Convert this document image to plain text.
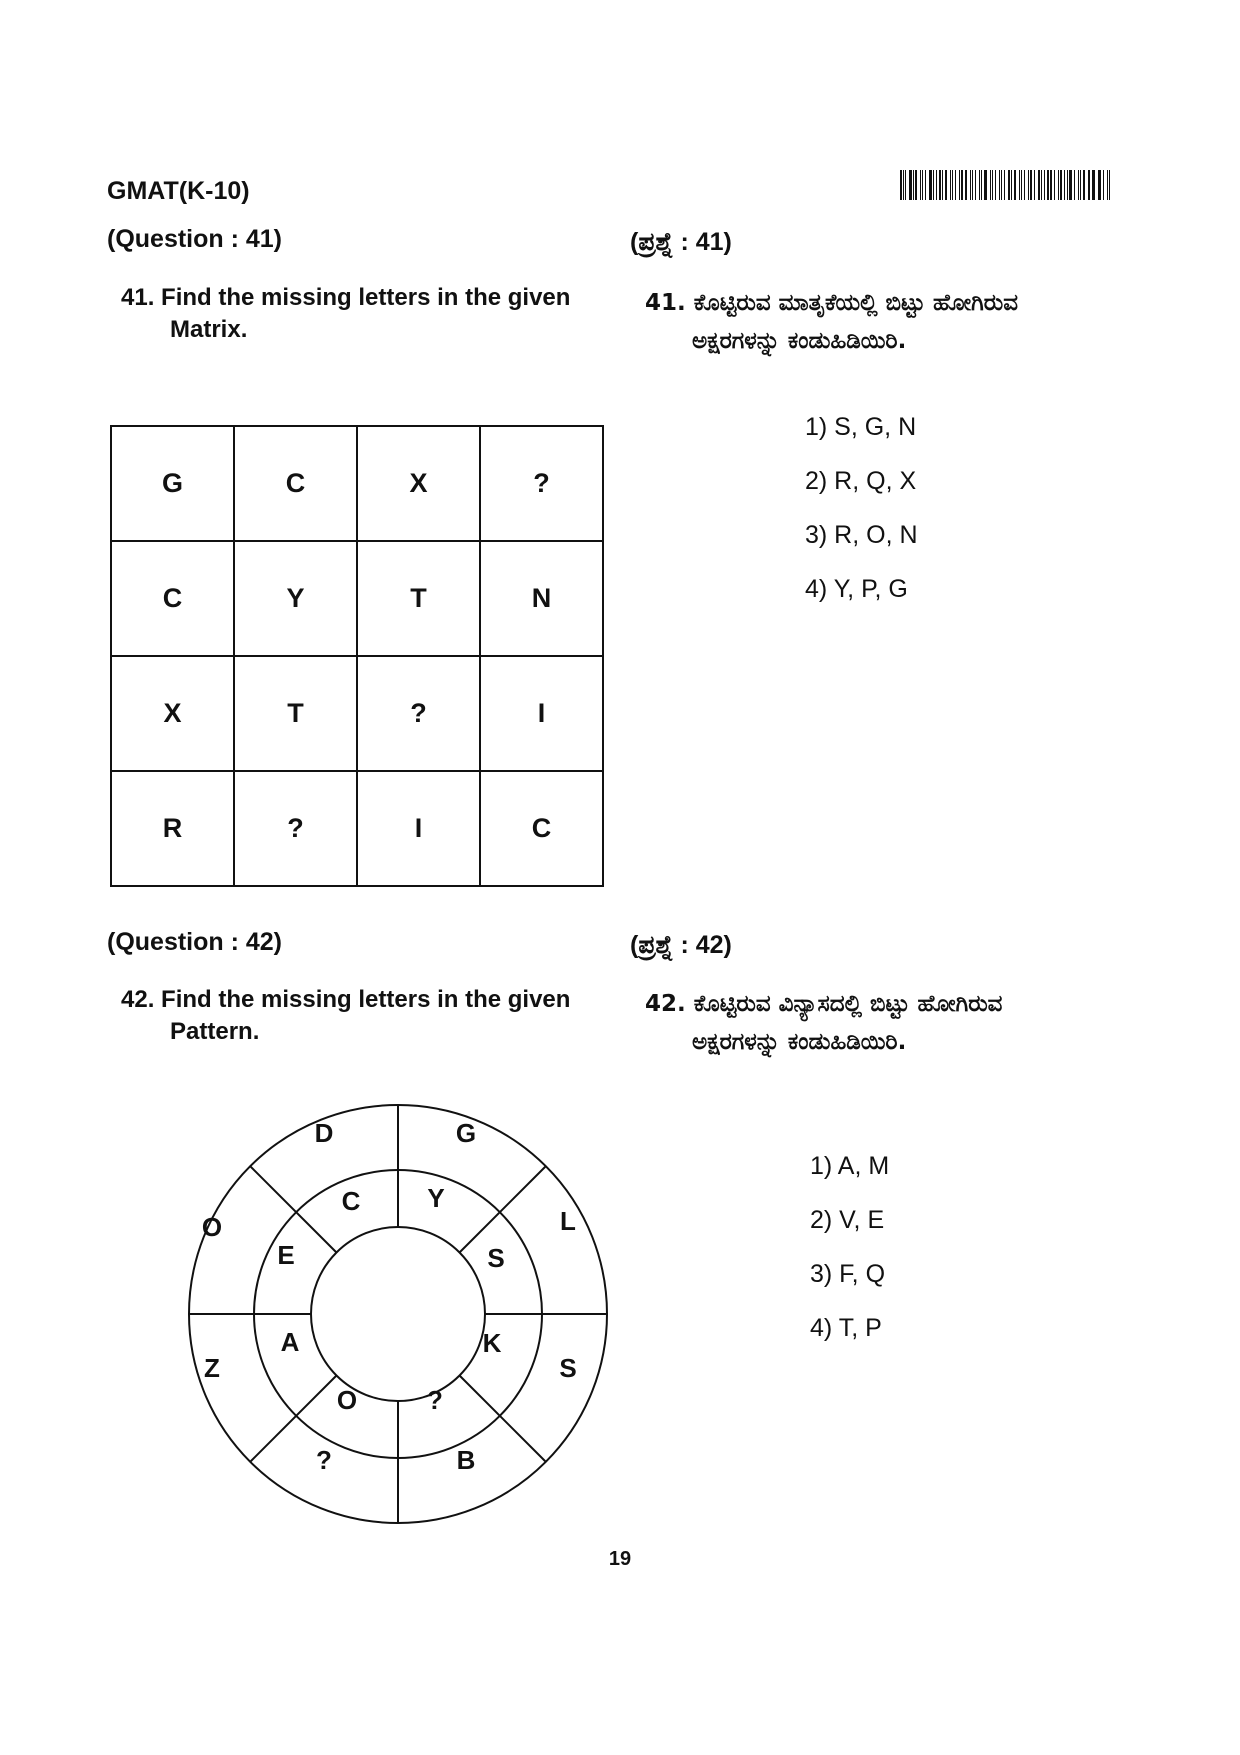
GMAT(K-10)
(Question : 41)	(ಪ್ರಶ್ನೆ : 41)
41. Find the missing letters in the given
Matrix.
41. ಕೊಟ್ಟಿರುವ ಮಾತೃಕೆಯಲ್ಲಿ ಬಿಟ್ಟು ಹೋಗಿರುವ
ಅಕ್ಷರಗಳನ್ನು ಕಂಡುಹಿಡಿಯಿರಿ.
G	C	X	?
C	Y	T	N
X	T	?	I
R	?	I	C
1) S, G, N
2) R, Q, X
3) R, O, N
4) Y, P, G
(Question : 42)	(ಪ್ರಶ್ನೆ : 42)
42. Find the missing letters in the given
Pattern.
42. ಕೊಟ್ಟಿರುವ ವಿನ್ಯಾಸದಲ್ಲಿ ಬಿಟ್ಟು ಹೋಗಿರುವ
ಅಕ್ಷರಗಳನ್ನು ಕಂಡುಹಿಡಿಯಿರಿ.
D	G
L
S
B
?
Z
O
C	Y
S
K
?
O
A
E
1) A, M
2) V, E
3) F, Q
4) T, P
19
